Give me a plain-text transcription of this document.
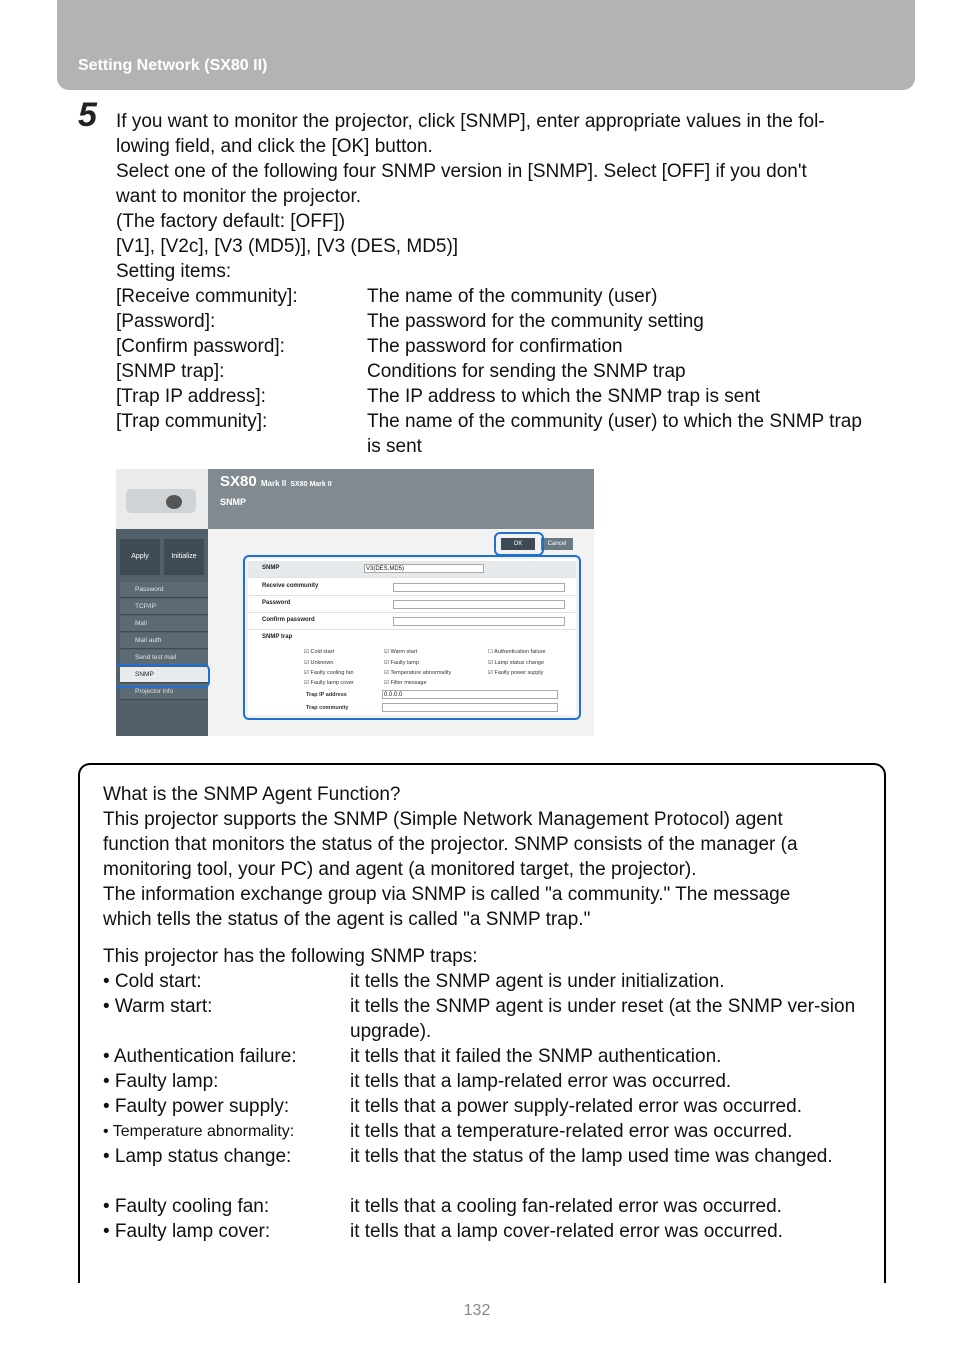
Setting Network (SX80 II)
5 If you want to monitor the projector, click [SNMP], enter appropriate values in the fol-
lowing field, and click the [OK] button.
Select one of the following four SNMP version in [SNMP]. Select [OFF] if you don't
want to monitor the projector.
(The factory default: [OFF])
[V1], [V2c], [V3 (MD5)], [V3 (DES, MD5)]
Setting items:
[Receive community]:	The name of the community (user)
[Password]:	The password for the community setting
[Confirm password]:	The password for confirmation
[SNMP trap]:	Conditions for sending the SNMP trap
[Trap IP address]:	The IP address to which the SNMP trap is sent
[Trap community]:	The name of the community (user) to which the SNMP trap is sent
SX80 Mark II SX80 Mark II
SNMP
Apply	Initialize
Password
TCP/IP
Mail
Mail auth
Send test mail
SNMP
Projector info
OK	Cancel
SNMP	V3(DES,MD5)
Receive community
Password
Confirm password
SNMP trap
☑ Cold start	☑ Warm start	☐ Authentication failure
☑ Unknown	☑ Faulty lamp	☑ Lamp status change
☑ Faulty cooling fan	☑ Temperature abnormality	☑ Faulty power supply
☑ Faulty lamp cover	☑ Filter message
Trap IP address	0.0.0.0
Trap community
What is the SNMP Agent Function?
This projector supports the SNMP (Simple Network Management Protocol) agent
function that monitors the status of the projector. SNMP consists of the manager (a
monitoring tool, your PC) and agent (a monitored target, the projector).
The information exchange group via SNMP is called "a community." The message
which tells the status of the agent is called "a SNMP trap."
This projector has the following SNMP traps:
• Cold start:	it tells the SNMP agent is under initialization.
• Warm start:	it tells the SNMP agent is under reset (at the SNMP ver-sion upgrade).
• Authentication failure:	it tells that it failed the SNMP authentication.
• Faulty lamp:	it tells that a lamp-related error was occurred.
• Faulty power supply:	it tells that a power supply-related error was occurred.
• Temperature abnormality:	it tells that a temperature-related error was occurred.
• Lamp status change:	it tells that the status of the lamp used time was changed.
• Faulty cooling fan:	it tells that a cooling fan-related error was occurred.
• Faulty lamp cover:	it tells that a lamp cover-related error was occurred.
132
